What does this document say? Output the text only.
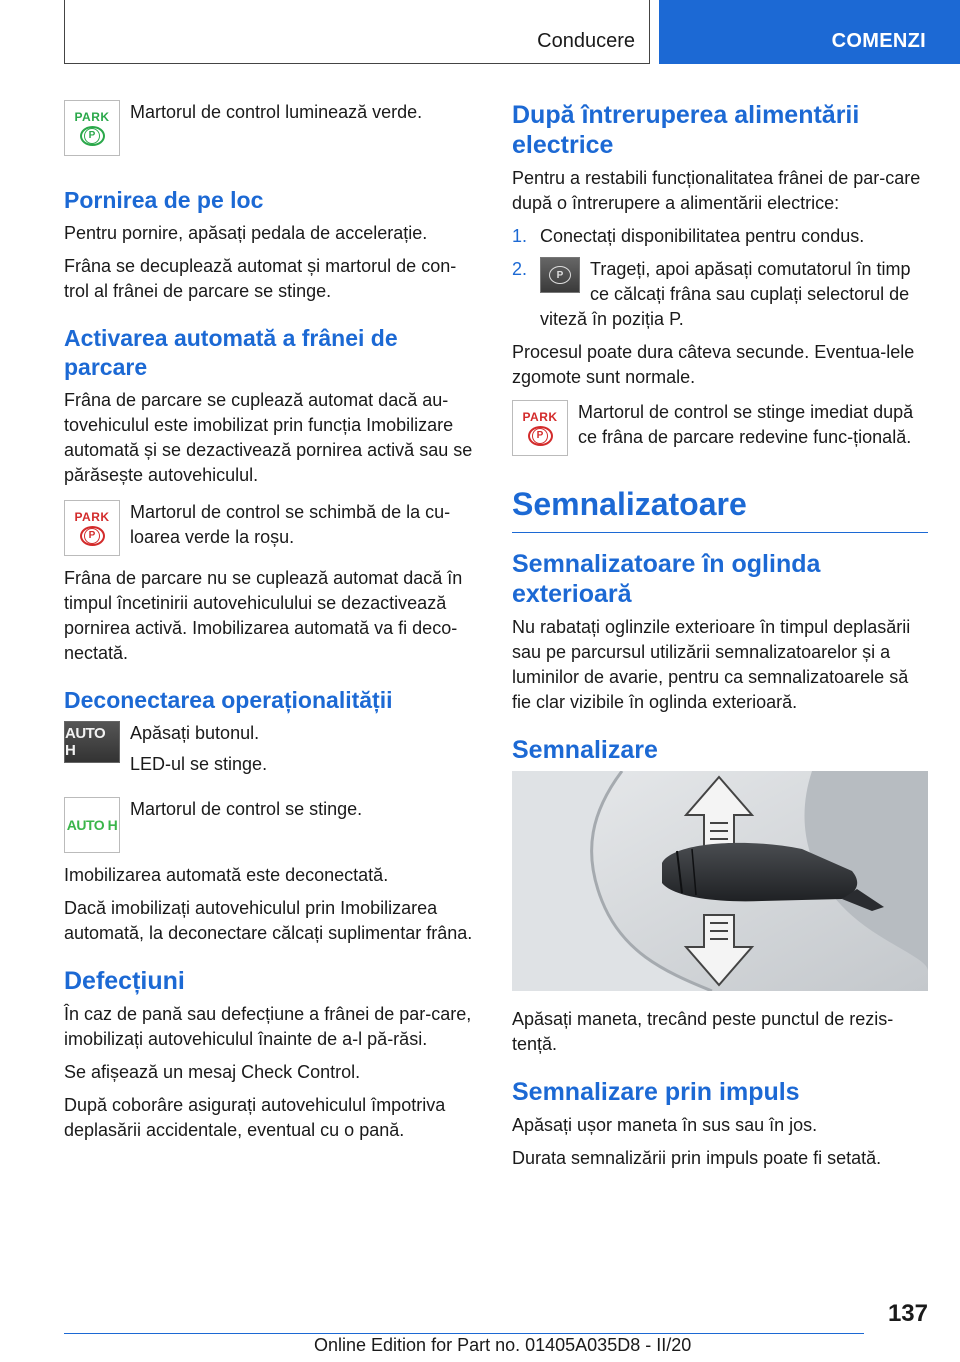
Conducere	COMENZI
PARK
P

Martorul de control luminează verde.

Pornirea de pe loc

Pentru pornire, apăsați pedala de accelerație.

Frâna se decuplează automat și martorul de con-trol al frânei de parcare se stinge.

Activarea automată a frânei de parcare

Frâna de parcare se cuplează automat dacă au-tovehiculul este imobilizat prin funcția Imobilizare automată și se dezactivează pornirea activă sau se părăsește autovehiculul.

PARK
P

Martorul de control se schimbă de la cu-loarea verde la roșu.

Frâna de parcare nu se cuplează automat dacă în timpul încetinirii autovehiculului se dezactivează pornirea activă. Imobilizarea automată va fi deco-nectată.

Deconectarea operaționalității
AUTO H

Apăsați butonul.

LED-ul se stinge.

AUTO H

Martorul de control se stinge.

Imobilizarea automată este deconectată.

Dacă imobilizați autovehiculul prin Imobilizarea automată, la deconectare călcați suplimentar frâna.

Defecțiuni

În caz de pană sau defecțiune a frânei de par-care, imobilizați autovehiculul înainte de a-l pă-răsi.

Se afișează un mesaj Check Control.

După coborâre asigurați autovehiculul împotriva deplasării accidentale, eventual cu o pană.

După întreruperea alimentării electrice

Pentru a restabili funcționalitatea frânei de par-care după o întrerupere a alimentării electrice:

1. Conectați disponibilitatea pentru condus.
2.	P Trageți, apoi apăsați comutatorul în timp ce călcați frâna sau cuplați selectorul de viteză în poziția P.

Procesul poate dura câteva secunde. Eventua-lele zgomote sunt normale.

PARK
P

Martorul de control se stinge imediat după ce frâna de parcare redevine func-țională.

Semnalizatoare
Semnalizatoare în oglinda exterioară

Nu rabatați oglinzile exterioare în timpul deplasării sau pe parcursul utilizării semnalizatoarelor și a luminilor de avarie, pentru ca semnalizatoarele să fie clar vizibile în oglinda exterioară.

Semnalizare

Apăsați maneta, trecând peste punctul de rezis-tență.

Semnalizare prin impuls

Apăsați ușor maneta în sus sau în jos.

Durata semnalizării prin impuls poate fi setată.

137
Online Edition for Part no. 01405A035D8 - II/20
